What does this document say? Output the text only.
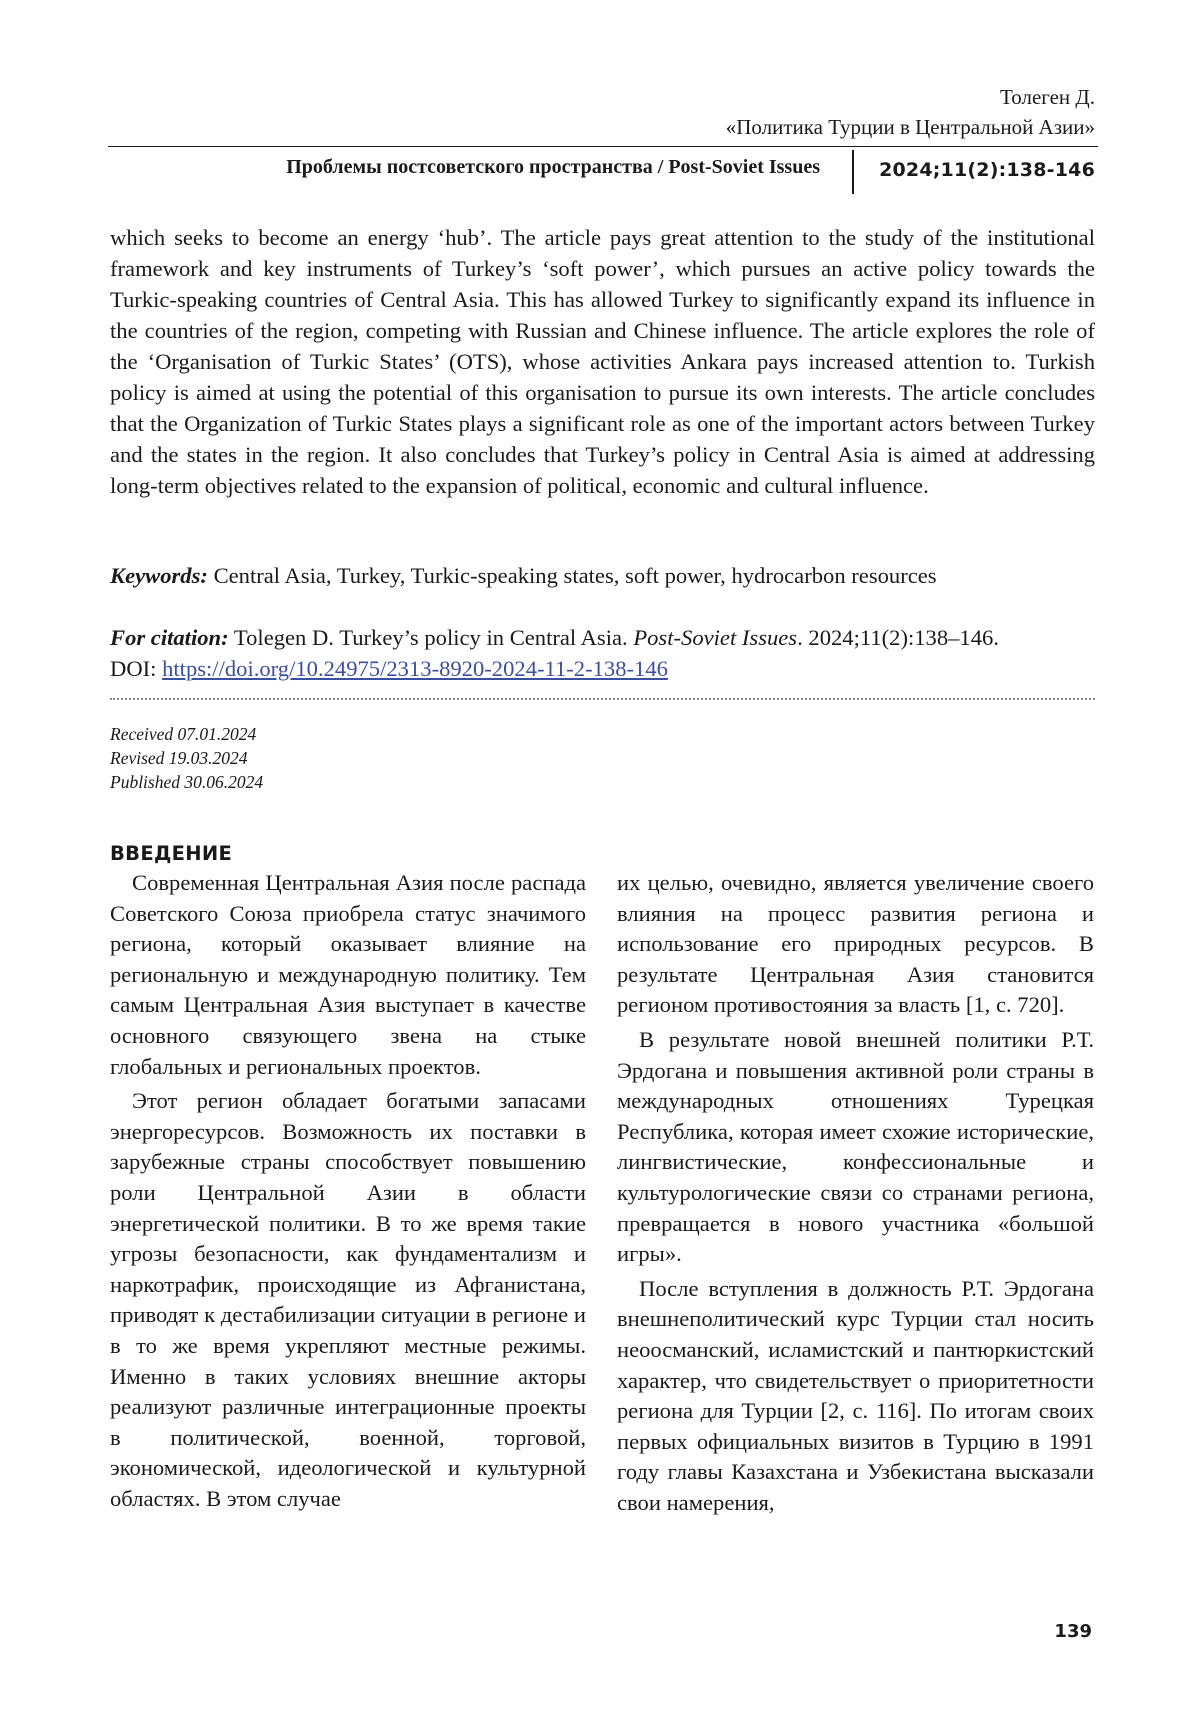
Толеген Д.
«Политика Турции в Центральной Азии»
Проблемы постсоветского пространства / Post-Soviet Issues	2024;11(2):138-146
which seeks to become an energy ‘hub’. The article pays great attention to the study of the institutional framework and key instruments of Turkey’s ‘soft power’, which pursues an active policy towards the Turkic-speaking countries of Central Asia. This has allowed Turkey to significantly expand its influence in the countries of the region, competing with Russian and Chinese influence. The article explores the role of the ‘Organisation of Turkic States’ (OTS), whose activities Ankara pays increased attention to. Turkish policy is aimed at using the potential of this organisation to pursue its own interests. The article concludes that the Organization of Turkic States plays a significant role as one of the important actors between Turkey and the states in the region. It also concludes that Turkey’s policy in Central Asia is aimed at addressing long-term objectives related to the expansion of political, economic and cultural influence.
Keywords: Central Asia, Turkey, Turkic-speaking states, soft power, hydrocarbon resources
For citation: Tolegen D. Turkey’s policy in Central Asia. Post-Soviet Issues. 2024;11(2):138–146.
DOI: https://doi.org/10.24975/2313-8920-2024-11-2-138-146
Received 07.01.2024
Revised 19.03.2024
Published 30.06.2024
ВВЕДЕНИЕ

Современная Центральная Азия после распада Советского Союза приобрела статус значимого региона, который оказывает влияние на региональную и международную политику. Тем самым Центральная Азия выступает в качестве основного связующего звена на стыке глобальных и региональных проектов.

Этот регион обладает богатыми запасами энергоресурсов. Возможность их поставки в зарубежные страны способствует повышению роли Центральной Азии в области энергетической политики. В то же время такие угрозы безопасности, как фундаментализм и наркотрафик, происходящие из Афганистана, приводят к дестабилизации ситуации в регионе и в то же время укрепляют местные режимы. Именно в таких условиях внешние акторы реализуют различные интеграционные проекты в политической, военной, торговой, экономической, идеологической и культурной областях. В этом случае

их целью, очевидно, является увеличение своего влияния на процесс развития региона и использование его природных ресурсов. В результате Центральная Азия становится регионом противостояния за власть [1, с. 720].

В результате новой внешней политики Р.Т. Эрдогана и повышения активной роли страны в международных отношениях Турецкая Республика, которая имеет схожие исторические, лингвистические, конфессиональные и культурологические связи со странами региона, превращается в нового участника «большой игры».

После вступления в должность Р.Т. Эрдогана внешнеполитический курс Турции стал носить неоосманский, исламистский и пантюркистский характер, что свидетельствует о приоритетности региона для Турции [2, с. 116]. По итогам своих первых официальных визитов в Турцию в 1991 году главы Казахстана и Узбекистана высказали свои намерения,

139
